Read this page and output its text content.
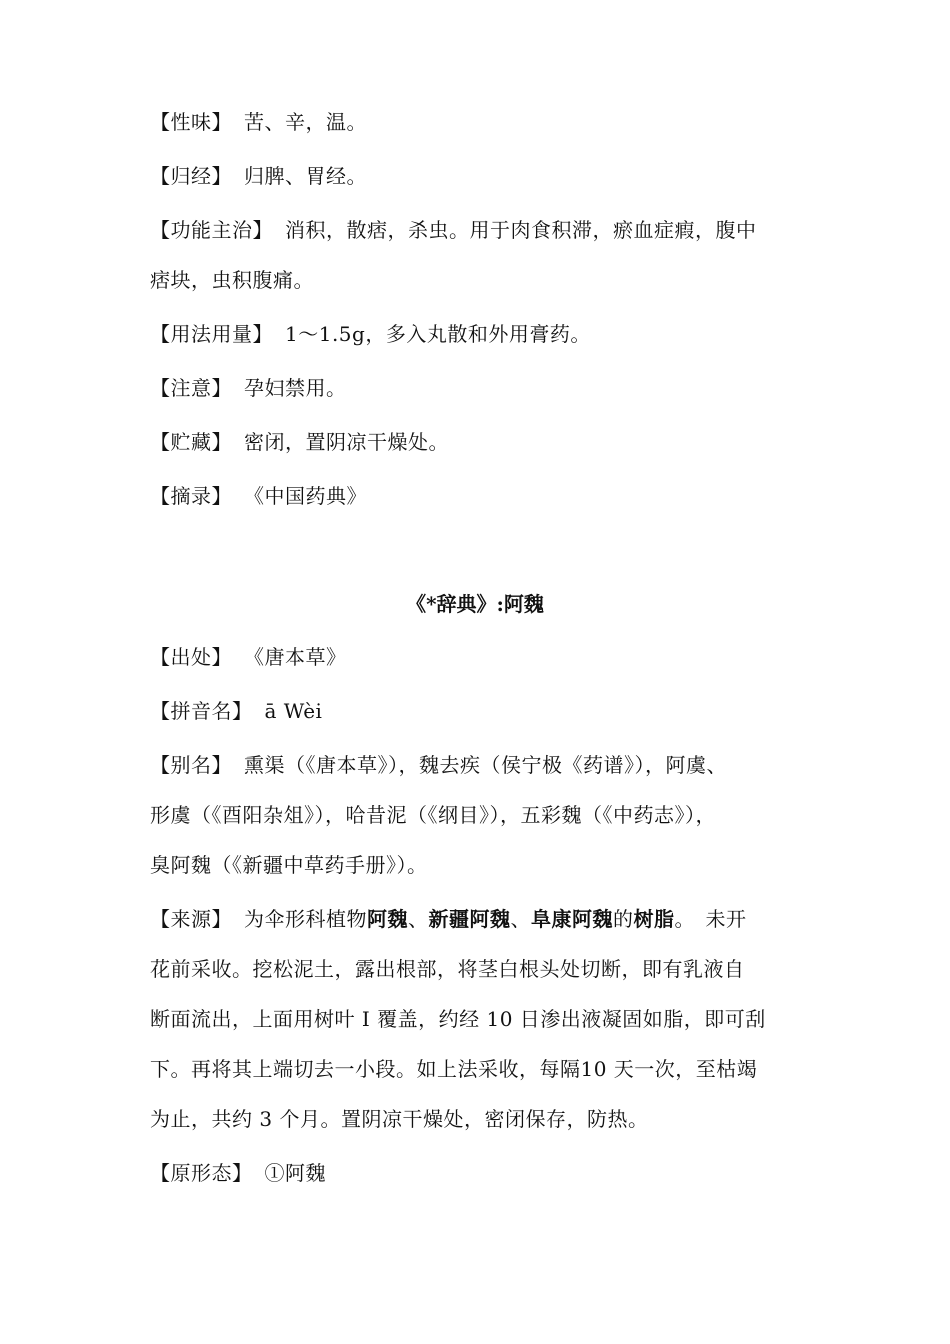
【性味】 苦、辛，温。
【归经】 归脾、胃经。
【功能主治】 消积，散痞，杀虫。用于肉食积滞，瘀血症瘕，腹中
痞块，虫积腹痛。
【用法用量】 1～1.5g，多入丸散和外用膏药。
【注意】 孕妇禁用。
【贮藏】 密闭，置阴凉干燥处。
【摘录】 《中国药典》
《*辞典》:阿魏
【出处】 《唐本草》
【拼音名】 ā Wèi
【别名】 熏渠（《唐本草》），魏去疾（侯宁极《药谱》），阿虞、
形虞（《酉阳杂俎》），哈昔泥（《纲目》），五彩魏（《中药志》），
臭阿魏（《新疆中草药手册》）。
【来源】 为伞形科植物阿魏、新疆阿魏、阜康阿魏的树脂。　未开
花前采收。挖松泥土，露出根部，将茎白根头处切断，即有乳液自
断面流出，上面用树叶 I 覆盖，约经 10 日渗出液凝固如脂，即可刮
下。再将其上端切去一小段。如上法采收，每隔10 天一次，至枯竭
为止，共约 3 个月。置阴凉干燥处，密闭保存，防热。
【原形态】 ①阿魏
